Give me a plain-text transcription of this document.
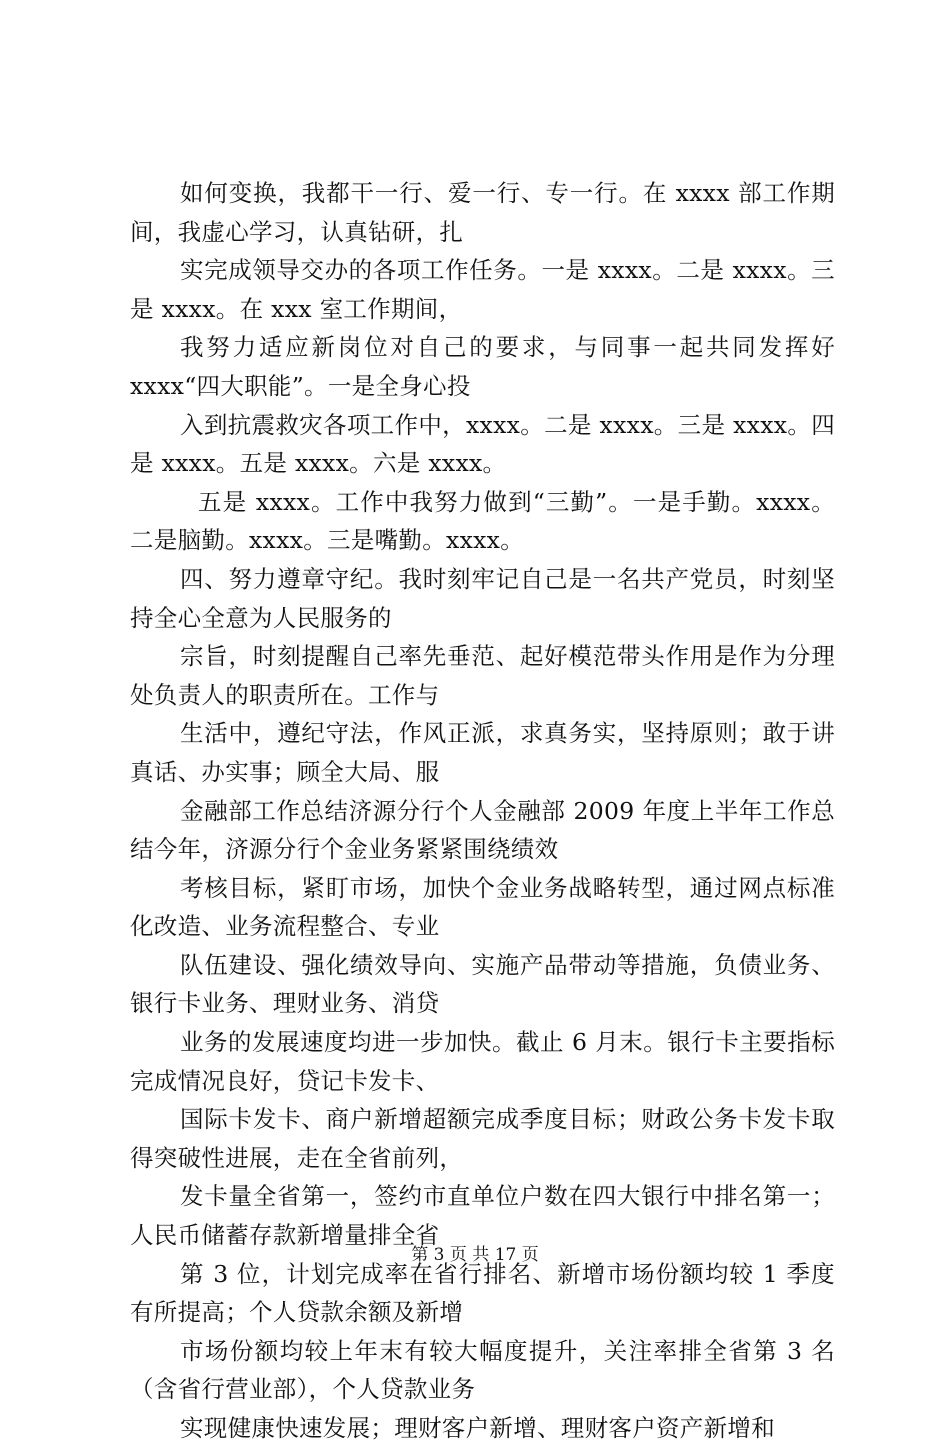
如何变换，我都干一行、爱一行、专一行。在 xxxx 部工作期间，我虚心学习，认真钻研，扎

实完成领导交办的各项工作任务。一是 xxxx。二是 xxxx。三是 xxxx。在 xxx 室工作期间，

我努力适应新岗位对自己的要求，与同事一起共同发挥好 xxxx“四大职能”。一是全身心投

入到抗震救灾各项工作中，xxxx。二是 xxxx。三是 xxxx。四是 xxxx。五是 xxxx。六是 xxxx。

五是 xxxx。工作中我努力做到“三勤”。一是手勤。xxxx。二是脑勤。xxxx。三是嘴勤。xxxx。

四、努力遵章守纪。我时刻牢记自己是一名共产党员，时刻坚持全心全意为人民服务的

宗旨，时刻提醒自己率先垂范、起好模范带头作用是作为分理处负责人的职责所在。工作与

生活中，遵纪守法，作风正派，求真务实，坚持原则；敢于讲真话、办实事；顾全大局、服

金融部工作总结济源分行个人金融部 2009 年度上半年工作总结今年，济源分行个金业务紧紧围绕绩效

考核目标，紧盯市场，加快个金业务战略转型，通过网点标准化改造、业务流程整合、专业

队伍建设、强化绩效导向、实施产品带动等措施，负债业务、银行卡业务、理财业务、消贷

业务的发展速度均进一步加快。截止 6 月末。银行卡主要指标完成情况良好，贷记卡发卡、

国际卡发卡、商户新增超额完成季度目标；财政公务卡发卡取得突破性进展，走在全省前列，

发卡量全省第一，签约市直单位户数在四大银行中排名第一；人民币储蓄存款新增量排全省

第 3 位，计划完成率在省行排名、新增市场份额均较 1 季度有所提高；个人贷款余额及新增

市场份额均较上年末有较大幅度提升，关注率排全省第 3 名（含省行营业部），个人贷款业务

实现健康快速发展；理财客户新增、理财客户资产新增和

第 3 页 共 17 页
